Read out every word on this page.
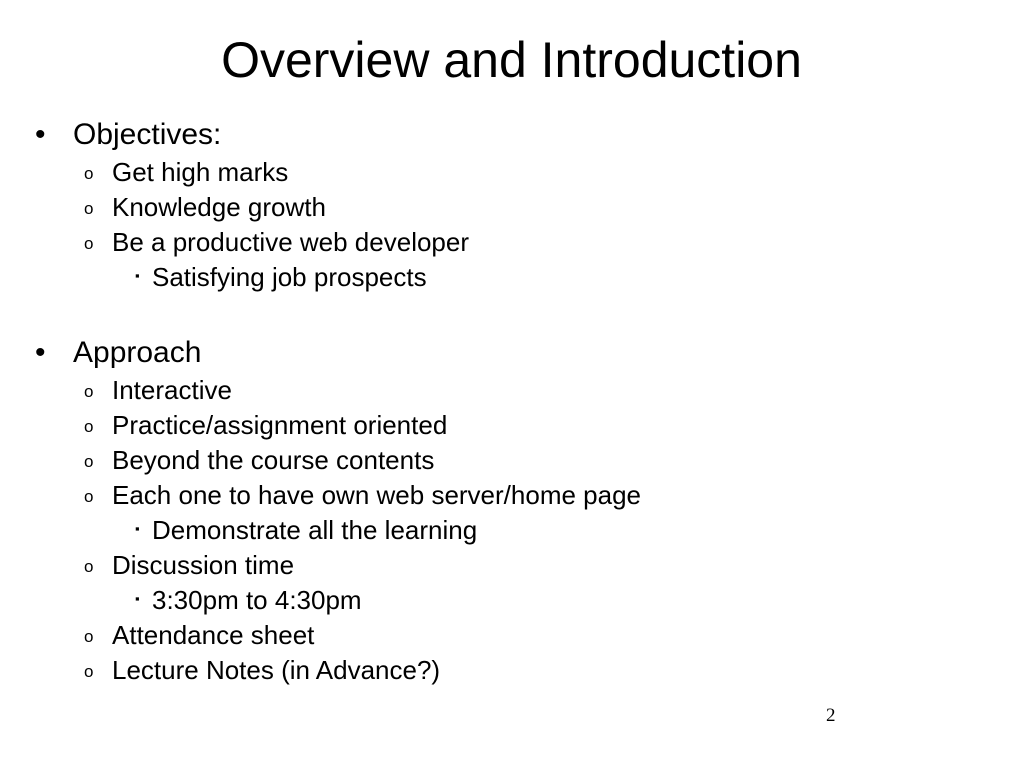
Overview and Introduction
• Objectives:
o Get high marks
o Knowledge growth
o Be a productive web developer
▪ Satisfying job prospects
• Approach
o Interactive
o Practice/assignment oriented
o Beyond the course contents
o Each one to have own web server/home page
▪ Demonstrate all the learning
o Discussion time
▪ 3:30pm to 4:30pm
o Attendance sheet
o Lecture Notes (in Advance?)
2
